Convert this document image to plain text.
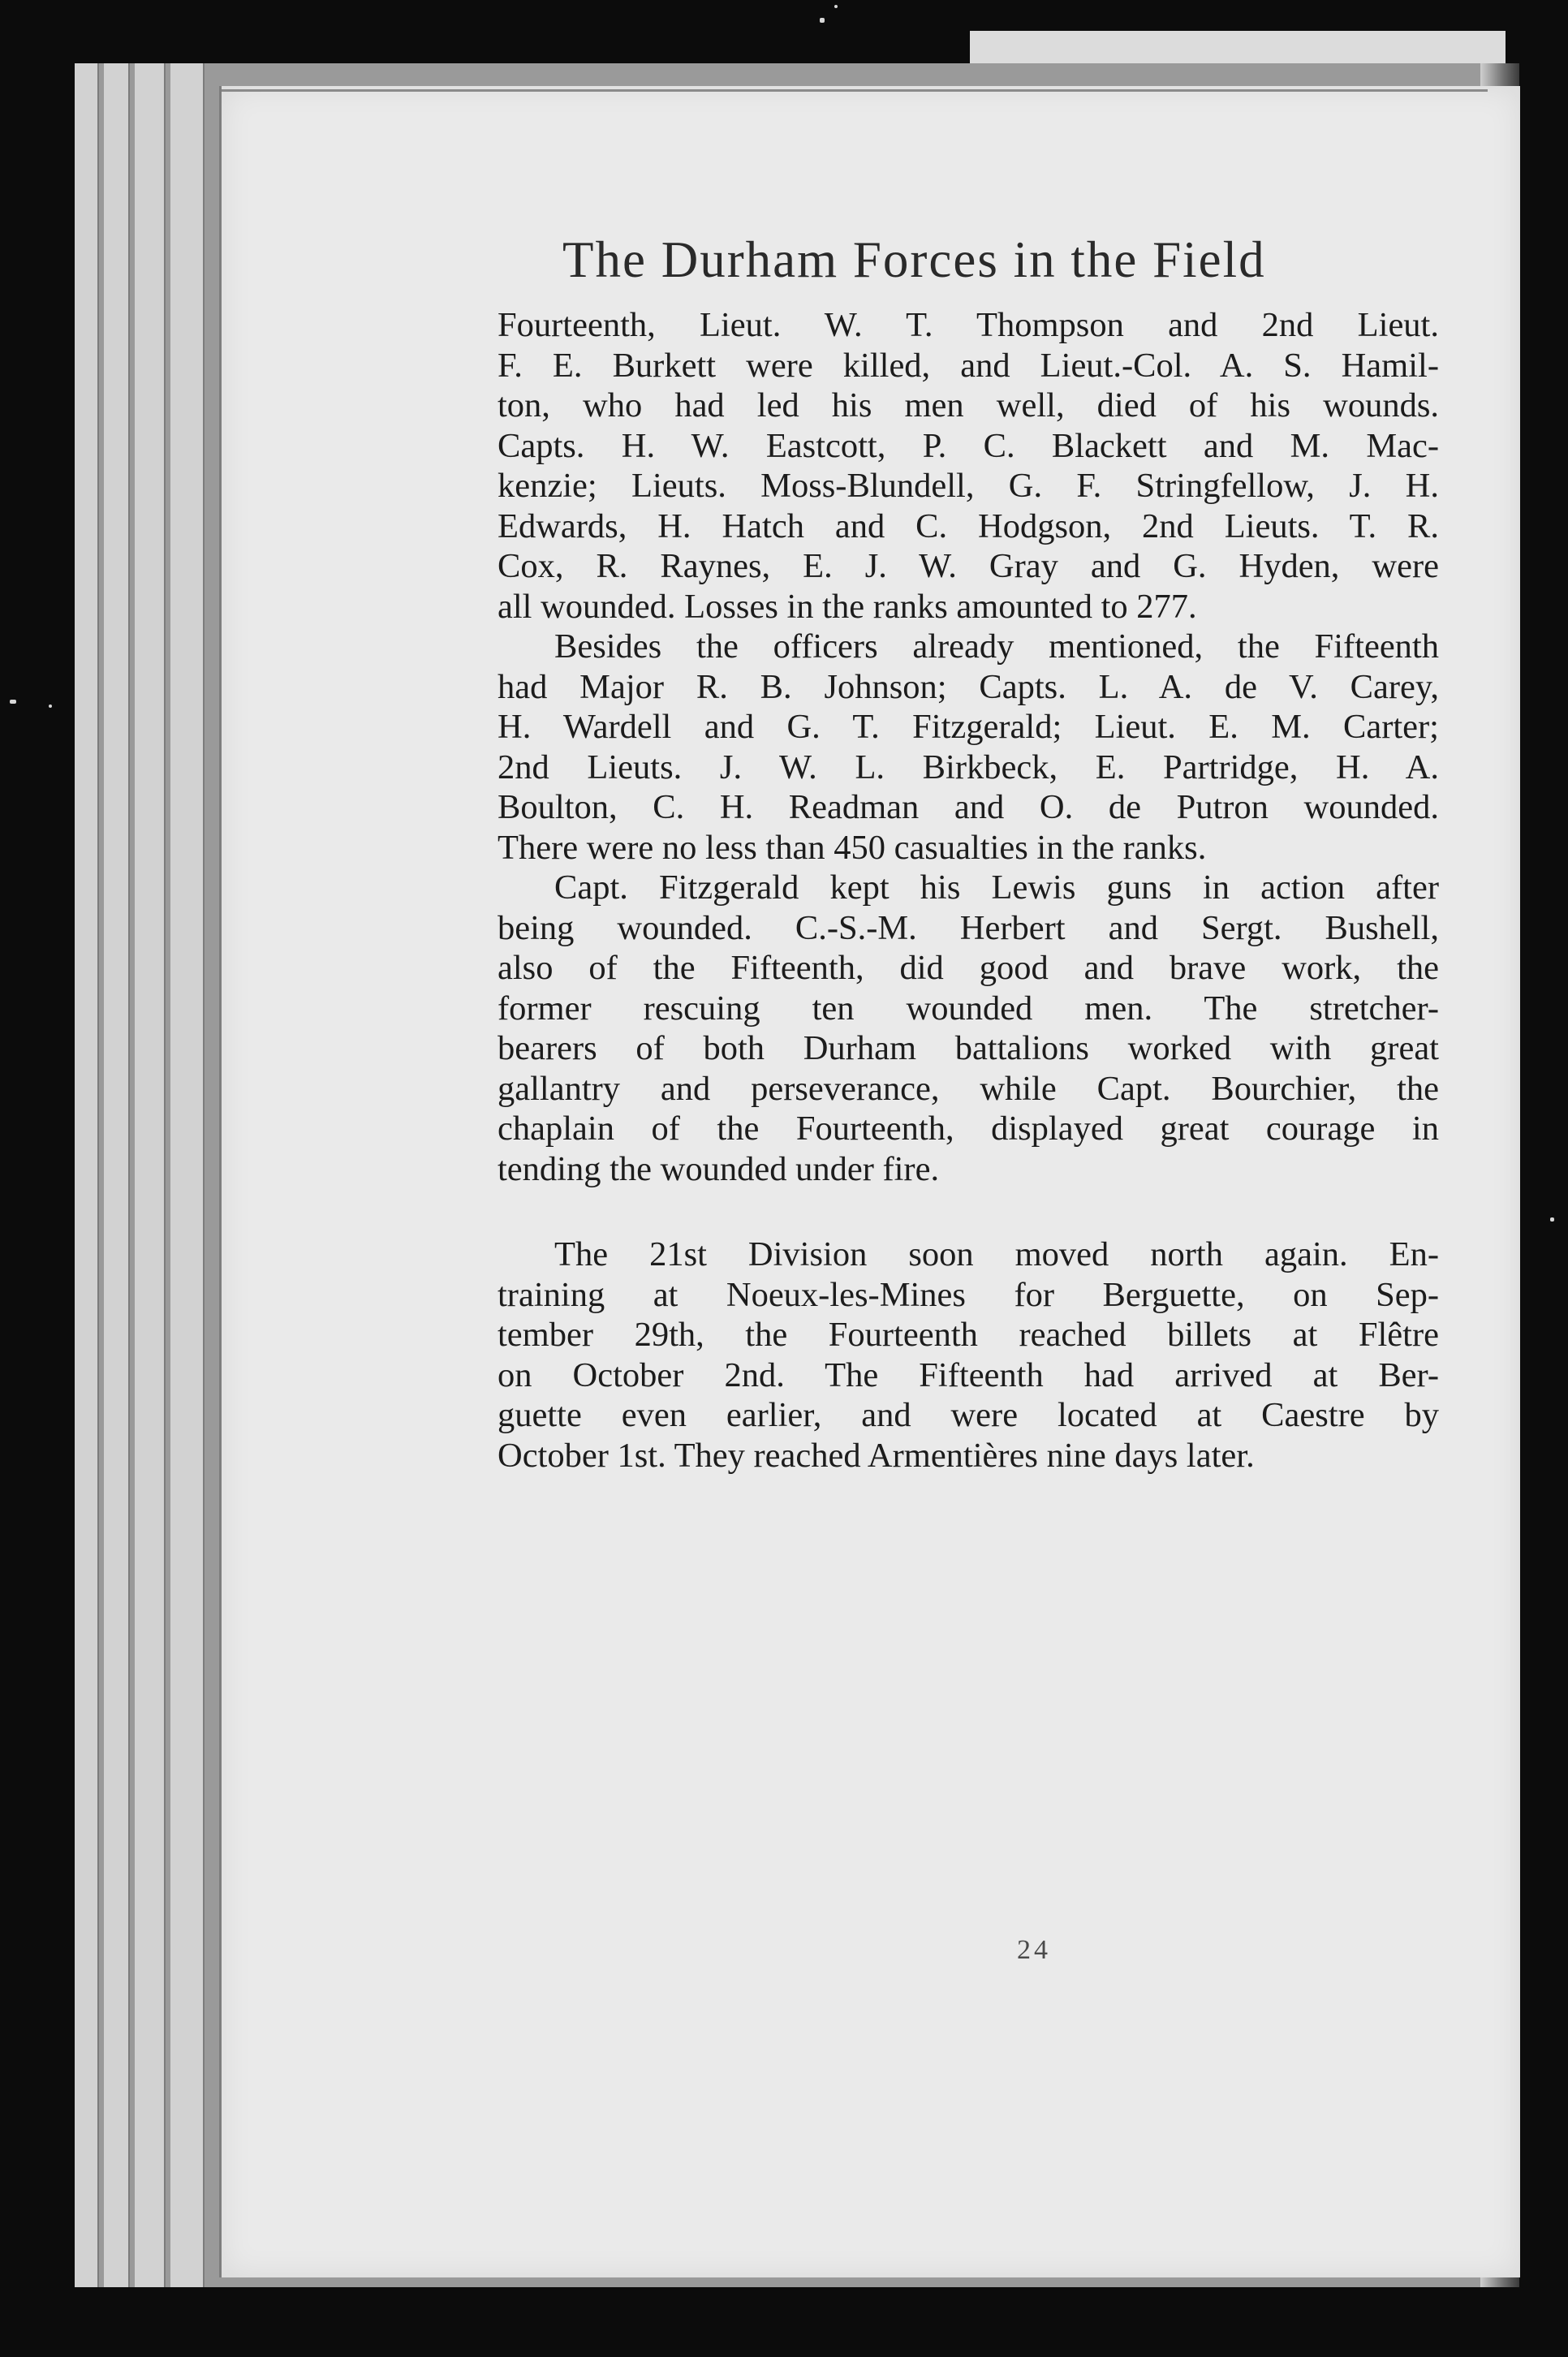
The Durham Forces in the Field
Fourteenth, Lieut. W. T. Thompson and 2nd Lieut.
F. E. Burkett were killed, and Lieut.-Col. A. S. Hamil-
ton, who had led his men well, died of his wounds.
Capts. H. W. Eastcott, P. C. Blackett and M. Mac-
kenzie; Lieuts. Moss-Blundell, G. F. Stringfellow, J. H.
Edwards, H. Hatch and C. Hodgson, 2nd Lieuts. T. R.
Cox, R. Raynes, E. J. W. Gray and G. Hyden, were
all wounded. Losses in the ranks amounted to 277.
Besides the officers already mentioned, the Fifteenth
had Major R. B. Johnson; Capts. L. A. de V. Carey,
H. Wardell and G. T. Fitzgerald; Lieut. E. M. Carter;
2nd Lieuts. J. W. L. Birkbeck, E. Partridge, H. A.
Boulton, C. H. Readman and O. de Putron wounded.
There were no less than 450 casualties in the ranks.
Capt. Fitzgerald kept his Lewis guns in action after
being wounded. C.-S.-M. Herbert and Sergt. Bushell,
also of the Fifteenth, did good and brave work, the
former rescuing ten wounded men. The stretcher-
bearers of both Durham battalions worked with great
gallantry and perseverance, while Capt. Bourchier, the
chaplain of the Fourteenth, displayed great courage in
tending the wounded under fire.
The 21st Division soon moved north again. En-
training at Noeux-les-Mines for Berguette, on Sep-
tember 29th, the Fourteenth reached billets at Flêtre
on October 2nd. The Fifteenth had arrived at Ber-
guette even earlier, and were located at Caestre by
October 1st. They reached Armentières nine days later.
24
